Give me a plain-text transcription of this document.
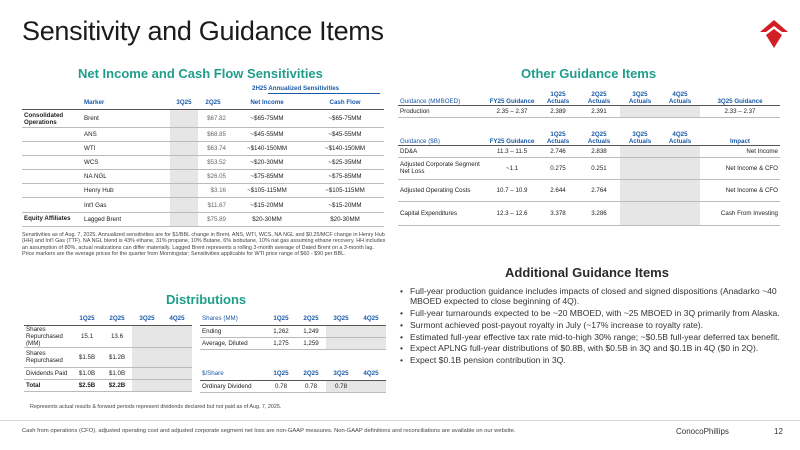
Sensitivity and Guidance Items
Net Income and Cash Flow Sensitivities
2H25 Annualized Sensitivities
	Marker	3Q25	2Q25	Net Income	Cash Flow
Consolidated Operations	Brent		$67.82	~$65-75MM	~$65-75MM
	ANS		$68.85	~$45-55MM	~$45-55MM
	WTI		$63.74	~$140-150MM	~$140-150MM
	WCS		$53.52	~$20-30MM	~$25-35MM
	NA NGL		$26.05	~$75-85MM	~$75-85MM
	Henry Hub		$3.16	~$105-115MM	~$105-115MM
	Int'l Gas		$11.67	~$15-20MM	~$15-20MM
Equity Affiliates	Lagged Brent		$75.89	$20-30MM	$20-30MM
Sensitivities as of Aug. 7, 2025. Annualized sensitivities are for $1/BBL change in Brent, ANS, WTI, WCS, NA NGL and $0.25/MCF change in Henry Hub (HH) and Int'l Gas (TTF). NA NGL blend is 43% ethane, 31% propane, 10% Butane, 6% isobutane, 10% nat gas assuming ethane recovery. HH includes an assumption of 80%, actual realizations can differ materially. Lagged Brent represents a rolling 3-month average of Dated Brent on a 3-month lag. Price markers are the average prices for the quarter from Morningstar; Sensitivities applicable for WTI price range of $60 - $90 per BBL.
Other Guidance Items
Guidance (MMBOED)	FY25 Guidance	1Q25 Actuals	2Q25 Actuals	3Q25 Actuals	4Q25 Actuals	3Q25 Guidance
Production	2.35 – 2.37	2.389	2.391			2.33 – 2.37
Guidance ($B)	FY25 Guidance	1Q25 Actuals	2Q25 Actuals	3Q25 Actuals	4Q25 Actuals	Impact
DD&A	11.3 – 11.5	2.746	2.838			Net Income
Adjusted Corporate Segment Net Loss	~1.1	0.275	0.251			Net Income & CFO
Adjusted Operating Costs	10.7 – 10.9	2.644	2.764			Net Income & CFO
Capital Expenditures	12.3 – 12.6	3.378	3.286			Cash From Investing
Additional Guidance Items
• Full-year production guidance includes impacts of closed and signed dispositions (Anadarko ~40 MBOED expected to close beginning of 4Q).
• Full-year turnarounds expected to be ~20 MBOED, with ~25 MBOED in 3Q primarily from Alaska.
• Surmont achieved post-payout royalty in July (~17% increase to royalty rate).
• Estimated full-year effective tax rate mid-to-high 30% range; ~$0.5B full-year deferred tax benefit.
• Expect APLNG full-year distributions of $0.8B, with $0.5B in 3Q and $0.1B in 4Q ($0 in 2Q).
• Expect $0.1B pension contribution in 3Q.
Distributions
	1Q25	2Q25	3Q25	4Q25
Shares Repurchased (MM)	15.1	13.6		
Shares Repurchased	$1.5B	$1.2B		
Dividends Paid	$1.0B	$1.0B		
Total	$2.5B	$2.2B		
Shares (MM)	1Q25	2Q25	3Q25	4Q25
Ending	1,262	1,249		
Average, Diluted	1,275	1,259		
$/Share	1Q25	2Q25	3Q25	4Q25
Ordinary Dividend	0.78	0.78	0.78	
Represents actual results & forward periods represent dividends declared but not paid as of Aug. 7, 2025.
Cash from operations (CFO), adjusted operating cost and adjusted corporate segment net loss are non-GAAP measures. Non-GAAP definitions and reconciliations are available on our website.	ConocoPhillips	12
